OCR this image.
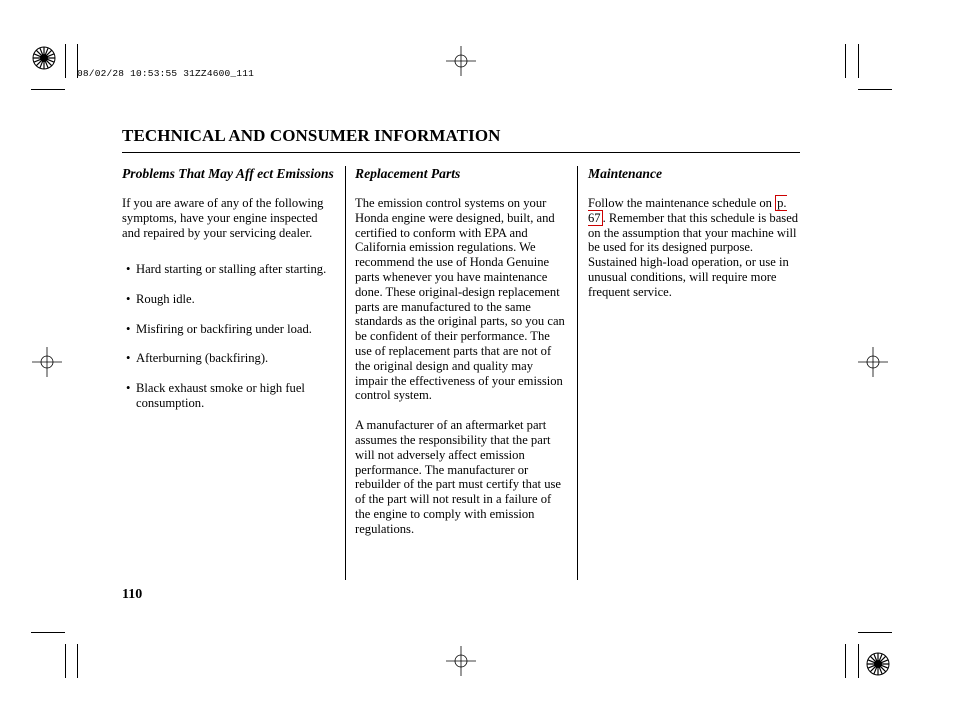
08/02/28 10:53:55 31ZZ4600_111
TECHNICAL AND CONSUMER INFORMATION
Problems That May Aff ect Emissions

If you are aware of any of the following symptoms, have your engine inspected and repaired by your servicing dealer.

• Hard starting or stalling after starting.
• Rough idle.
• Misfiring or backfiring under load.
• Afterburning (backfiring).
• Black exhaust smoke or high fuel consumption.
Replacement Parts

The emission control systems on your Honda engine were designed, built, and certified to conform with EPA and California emission regulations. We recommend the use of Honda Genuine parts whenever you have maintenance done. These original-design replacement parts are manufactured to the same standards as the original parts, so you can be confident of their performance. The use of replacement parts that are not of the original design and quality may impair the effectiveness of your emission control system.

A manufacturer of an aftermarket part assumes the responsibility that the part will not adversely affect emission performance. The manufacturer or rebuilder of the part must certify that use of the part will not result in a failure of the engine to comply with emission regulations.

Maintenance

Follow the maintenance schedule on p. 67 . Remember that this schedule is based on the assumption that your machine will be used for its designed purpose. Sustained high-load operation, or use in unusual conditions, will require more frequent service.

110
